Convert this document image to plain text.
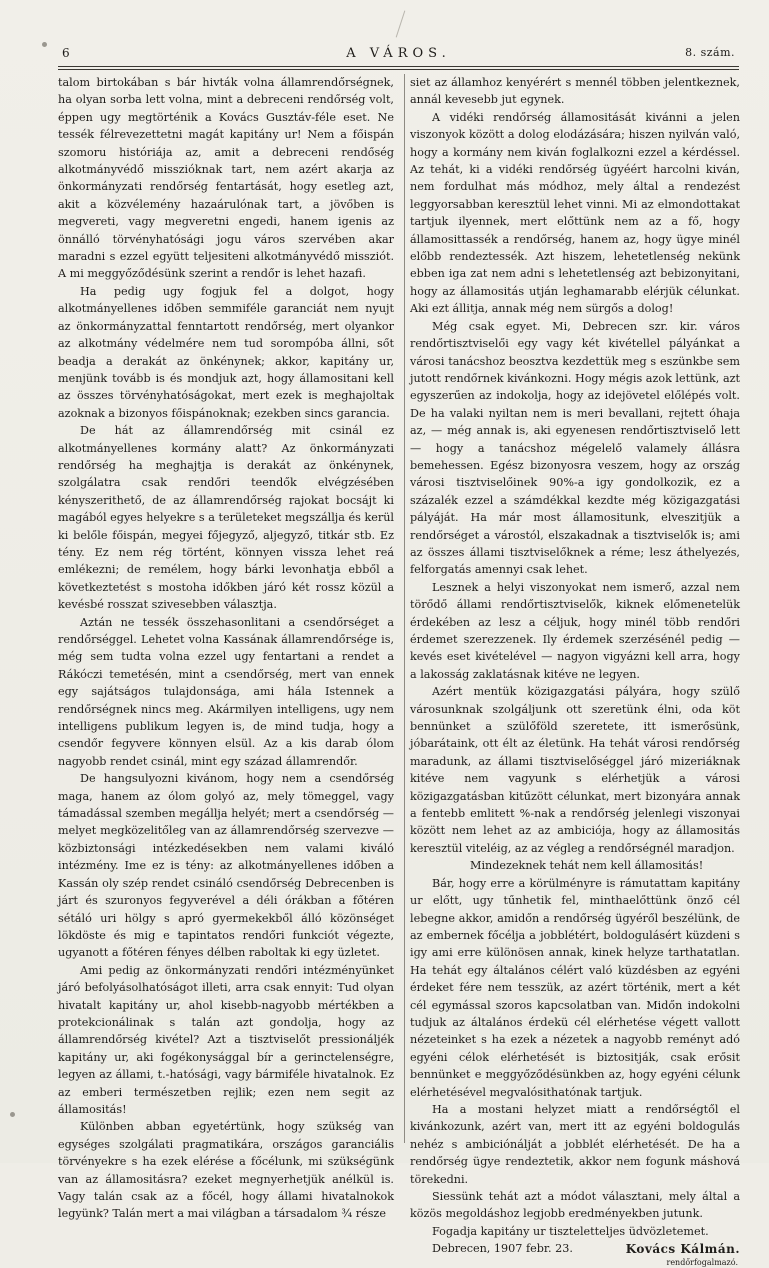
6	A VÁROS.	8. szám.

talom birtokában s bár hivták volna államrendőrségnek, ha olyan sorba lett volna, mint a debreceni rendőrség volt, éppen ugy megtörténik a Kovács Gusztáv-féle eset. Ne tessék félrevezettetni magát kapitány ur! Nem a főispán szomoru históriája az, amit a debreceni rendőség alkotmányvédő misszióknak tart, nem azért akarja az önkormányzati rendőrség fentartását, hogy esetleg azt, akit a közvélemény hazaárulónak tart, a jövőben is megvereti, vagy megveretni engedi, hanem igenis az önnálló törvényhatósági jogu város szervében akar maradni s ezzel együtt teljesiteni alkotmányvédő missziót. A mi meggyőződésünk szerint a rendőr is lehet hazafi.

Ha pedig ugy fogjuk fel a dolgot, hogy alkotmányellenes időben semmiféle garanciát nem nyujt az önkormányzattal fenntartott rendőrség, mert olyankor az alkotmány védelmére nem tud sorompóba állni, sőt beadja a derakát az önkénynek; akkor, kapitány ur, menjünk tovább is és mondjuk azt, hogy államositani kell az összes törvényhatóságokat, mert ezek is meghajoltak azoknak a bizonyos főispánoknak; ezekben sincs garancia.

De hát az államrendőrség mit csinál ez alkotmányellenes kormány alatt? Az önkormányzati rendőrség ha meghajtja is derakát az önkénynek, szolgálatra csak rendőri teendők elvégzésében kényszerithető, de az államrendőrség rajokat bocsájt ki magából egyes helyekre s a területeket megszállja és kerül ki belőle főispán, megyei főjegyző, aljegyző, titkár stb. Ez tény. Ez nem rég történt, könnyen vissza lehet reá emlékezni; de remélem, hogy bárki levonhatja ebből a következtetést s mostoha időkben járó két rossz közül a kevésbé rosszat szivesebben választja.

Aztán ne tessék összehasonlitani a csendőrséget a rendőrséggel. Lehetet volna Kassának államrendőrsége is, még sem tudta volna ezzel ugy fentartani a rendet a Rákóczi temetésén, mint a csendőrség, mert van ennek egy sajátságos tulajdonsága, ami hála Istennek a rendőrségnek nincs meg. Akármilyen intelligens, ugy nem intelligens publikum legyen is, de mind tudja, hogy a csendőr fegyvere könnyen elsül. Az a kis darab ólom nagyobb rendet csinál, mint egy század államrendőr.

De hangsulyozni kivánom, hogy nem a csendőrség maga, hanem az ólom golyó az, mely tömeggel, vagy támadással szemben megállja helyét; mert a csendőrség — melyet megközelitőleg van az államrendőrség szervezve — közbiztonsági intézkedésekben nem valami kiváló intézmény. Ime ez is tény: az alkotmányellenes időben a Kassán oly szép rendet csináló csendőrség Debrecenben is járt és szuronyos fegyverével a déli órákban a főtéren sétáló uri hölgy s apró gyermekekből álló közönséget lökdöste és mig e tapintatos rendőri funkciót végezte, ugyanott a főtéren fényes délben raboltak ki egy üzletet.

Ami pedig az önkormányzati rendőri intézményünket járó befolyásolhatóságot illeti, arra csak ennyit: Tud olyan hivatalt kapitány ur, ahol kisebb-nagyobb mértékben a protekcionálinak s talán azt gondolja, hogy az államrendőrség kivétel? Azt a tisztviselőt pressionáljék kapitány ur, aki fogékonysággal bír a gerinctelenségre, legyen az állami, t.-hatósági, vagy bármiféle hivatalnok. Ez az emberi természetben rejlik; ezen nem segit az államositás!

Különben abban egyetértünk, hogy szükség van egységes szolgálati pragmatikára, országos garanciális törvényekre s ha ezek elérése a főcélunk, mi szükségünk van az államositásra? ezeket megnyerhetjük anélkül is. Vagy talán csak az a főcél, hogy állami hivatalnokok legyünk? Talán mert a mai világban a társadalom ¾ része

siet az államhoz kenyérért s mennél többen jelentkeznek, annál kevesebb jut egynek.

A vidéki rendőrség államositását kivánni a jelen viszonyok között a dolog elodázására; hiszen nyilván való, hogy a kormány nem kiván foglalkozni ezzel a kérdéssel. Az tehát, ki a vidéki rendőrség ügyéért harcolni kiván, nem fordulhat más módhoz, mely által a rendezést leggyorsabban keresztül lehet vinni. Mi az elmondottakat tartjuk ilyennek, mert előttünk nem az a fő, hogy államosittassék a rendőrség, hanem az, hogy ügye minél előbb rendeztessék. Azt hiszem, lehetetlenség nekünk ebben iga zat nem adni s lehetetlenség azt bebizonyitani, hogy az államositás utján leghamarabb elérjük célunkat. Aki ezt állitja, annak még nem sürgős a dolog!

Még csak egyet. Mi, Debrecen szr. kir. város rendőrtisztviselői egy vagy két kivétellel pályánkat a városi tanácshoz beosztva kezdettük meg s eszünkbe sem jutott rendőrnek kivánkozni. Hogy mégis azok lettünk, azt egyszerűen az indokolja, hogy az idejövetel előlépés volt. De ha valaki nyiltan nem is meri bevallani, rejtett óhaja az, — még annak is, aki egyenesen rendőrtisztviselő lett — hogy a tanácshoz mégelelő valamely állásra bemehessen. Egész bizonyosra veszem, hogy az ország városi tisztviselőinek 90%-a igy gondolkozik, ez a százalék ezzel a számdékkal kezdte még közigazgatási pályáját. Ha már most államositunk, elveszitjük a rendőrséget a várostól, elszakadnak a tisztviselők is; ami az összes állami tisztviselőknek a réme; lesz áthelyezés, felforgatás amennyi csak lehet.

Lesznek a helyi viszonyokat nem ismerő, azzal nem törődő állami rendőrtisztviselők, kiknek előmenetelük érdekében az lesz a céljuk, hogy minél több rendőri érdemet szerezzenek. Ily érdemek szerzésénél pedig — kevés eset kivételével — nagyon vigyázni kell arra, hogy a lakosság zaklatásnak kitéve ne legyen.

Azért mentük közigazgatási pályára, hogy szülő városunknak szolgáljunk ott szeretünk élni, oda köt bennünket a szülőföld szeretete, itt ismerősünk, jóbarátaink, ott élt az életünk. Ha tehát városi rendőrség maradunk, az állami tisztviselőséggel járó mizeriáknak kitéve nem vagyunk s elérhetjük a városi közigazgatásban kitűzött célunkat, mert bizonyára annak a fentebb emlitett %-nak a rendőrség jelenlegi viszonyai között nem lehet az az ambiciója, hogy az államositás keresztül viteléig, az az végleg a rendőrségnél maradjon.

Mindezeknek tehát nem kell államositás!

Bár, hogy erre a körülményre is rámutattam kapitány ur előtt, ugy tűnhetik fel, minthaelőttünk önző cél lebegne akkor, amidőn a rendőrség ügyéről beszélünk, de az embernek főcélja a jobblétért, boldogulásért küzdeni s igy ami erre különösen annak, kinek helyze tarthatatlan. Ha tehát egy általános célért való küzdésben az egyéni érdeket fére nem tesszük, az azért történik, mert a két cél egymással szoros kapcsolatban van. Midőn indokolni tudjuk az általános érdekü cél elérhetése végett vallott nézeteinket s ha ezek a nézetek a nagyobb reményt adó egyéni célok elérhetését is biztositják, csak erősit bennünket e meggyőződésünkben az, hogy egyéni célunk elérhetésével megvalósithatónak tartjuk.

Ha a mostani helyzet miatt a rendőrségtől el kivánkozunk, azért van, mert itt az egyéni boldogulás nehéz s ambiciónálját a jobblét elérhetését. De ha a rendőrség ügye rendeztetik, akkor nem fogunk máshová törekedni.

Siessünk tehát azt a módot választani, mely által a közös megoldáshoz legjobb eredményekben jutunk.

Fogadja kapitány ur tiszteletteljes üdvözletemet.

Debrecen, 1907 febr. 23.	Kovács Kálmán.
rendőrfogalmazó.
